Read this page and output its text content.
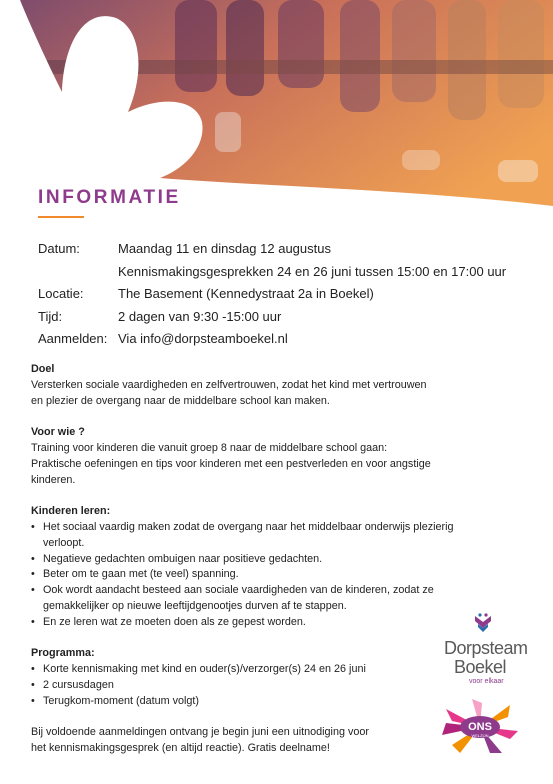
INFORMATIE
Datum:	Maandag 11 en dinsdag 12 augustus
Kennismakingsgesprekken 24 en 26 juni tussen 15:00 en 17:00 uur
Locatie:	The Basement (Kennedystraat 2a in Boekel)
Tijd:	2 dagen van 9:30 -15:00 uur
Aanmelden: Via info@dorpsteamboekel.nl
Doel

Versterken sociale vaardigheden en zelfvertrouwen, zodat het kind met vertrouwen

en plezier de overgang naar de middelbare school kan maken.

Voor wie ?

Training voor kinderen die vanuit groep 8 naar de middelbare school gaan:

Praktische oefeningen en tips voor kinderen met een pestverleden en voor angstige

kinderen.

Kinderen leren:
• Het sociaal vaardig maken zodat de overgang naar het middelbaar onderwijs plezierig
verloopt.
• Negatieve gedachten ombuigen naar positieve gedachten.
• Beter om te gaan met (te veel) spanning.
• Ook wordt aandacht besteed aan sociale vaardigheden van de kinderen, zodat ze
gemakkelijker op nieuwe leeftijdgenootjes durven af te stappen.
• En ze leren wat ze moeten doen als ze gepest worden.
Programma:
• Korte kennismaking met kind en ouder(s)/verzorger(s) 24 en 26 juni
• 2 cursusdagen
• Terugkom-moment (datum volgt)

Bij voldoende aanmeldingen ontvang je begin juni een uitnodiging voor

het kennismakingsgesprek (en altijd reactie). Gratis deelname!

Dorpsteam
Boekel
voor elkaar
ONS
WELZIJN
